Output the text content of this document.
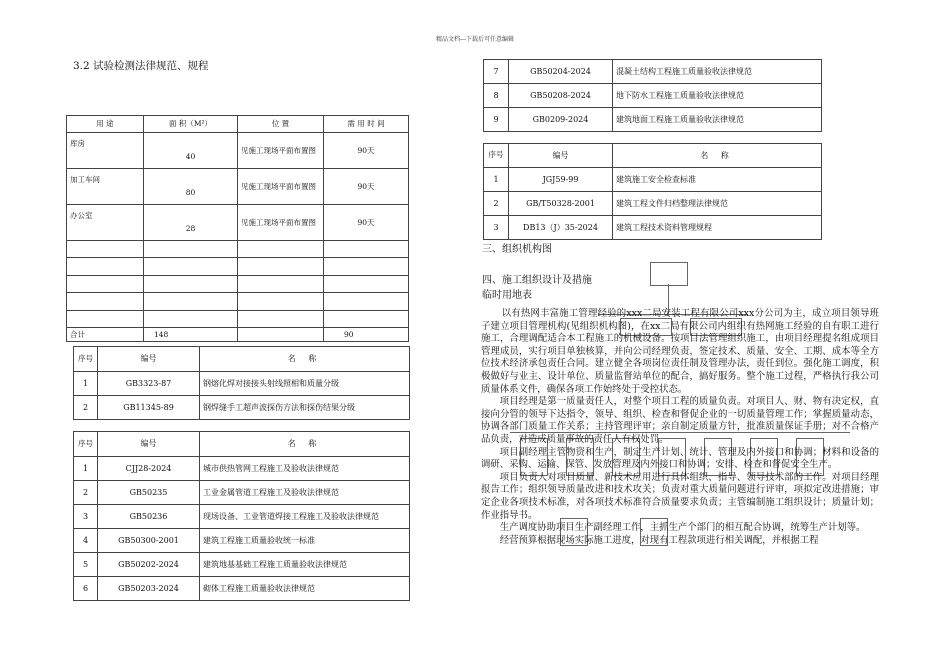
精品文档---下载后可任意编辑
3.2 试验检测法律规范、规程
用 途	面 积（M²）	位 置	需 用 时 间
库房	40	见施工现场平面布置图	90天
加工车间	80	见施工现场平面布置图	90天
办公室	28	见施工现场平面布置图	90天

合计	148		90
序号	编号	名 称
1	GB3323-87	钢熔化焊对接接头射线照相和质量分级
2	GB11345-89	钢焊缝手工超声波探伤方法和探伤结果分级
序号	编号	名 称
1	CJJ28-2024	城市供热管网工程施工及验收法律规范
2	GB50235	工业金属管道工程施工及验收法律规范
3	GB50236	现场设备、工业管道焊接工程施工及验收法律规范
4	GB50300-2001	建筑工程施工质量验收统一标准
5	GB50202-2024	建筑地基基础工程施工质量验收法律规范
6	GB50203-2024	砌体工程施工质量验收法律规范
7	GB50204-2024	混凝土结构工程施工质量验收法律规范
8	GB50208-2024	地下防水工程施工质量验收法律规范
9	GB0209-2024	建筑地面工程施工质量验收法律规范
序号	编号	名 称
1	JGJ59-99	建筑施工安全检查标准
2	GB/T50328-2001	建筑工程文件归档整理法律规范
3	DB13（J）35-2024	建筑工程技术资料管理规程
三、组织机构图
四、施工组织设计及措施
临时用地表

以有热网丰富施工管理经验的xxx二局安装工程有限公司xxx分公司为主，成立项目领导班子建立项目管理机构(见组织机构图)，在xx二局有限公司内组织有热网施工经验的自有职工进行施工，合理调配适合本工程施工的机械设备。按项目法管理组织施工，由项目经理提名组成项目管理成员，实行项目单独核算，并向公司经理负责，签定技术、质量、安全、工期、成本等全方位技术经济承包责任合同。建立健全各项岗位责任制及管理办法，责任到位。强化施工调度，积极做好与业主、设计单位、质量监督站单位的配合，搞好服务。整个施工过程，严格执行我公司质量体系文件，确保各项工作始终处于受控状态。

项目经理是第一质量责任人，对整个项目工程的质量负责。对项目人、财、物有决定权，直接向分管的领导下达指令，领导、组织、检查和督促企业的一切质量管理工作；掌握质量动态，协调各部门质量工作关系；主持管理评审；亲自制定质量方针，批准质量保证手册；对不合格产品负责，对造成质量事故的责任人有权处罚。

项目副经理主管物资和生产，制定生产计划、统计、管理及内外接口和协调；材料和设备的调研、采购、运输、保管、发放管理及内外接口和协调；安排、检查和督促安全生产。

项目负责人对项目质量、新技术应用进行具体组织、指导、领导技术部的工作。对项目经理报告工作；组织领导质量改进和技术攻关；负责对重大质量问题进行评审，项拟定改进措施；审定企业各项技术标准，对各项技术标准符合质量要求负责；主管编制施工组织设计；质量计划；作业指导书。

生产调度协助项目生产副经理工作，主抓生产个部门的相互配合协调，统筹生产计划等。

经营预算根据现场实际施工进度，对现有工程款项进行相关调配，并根据工程
